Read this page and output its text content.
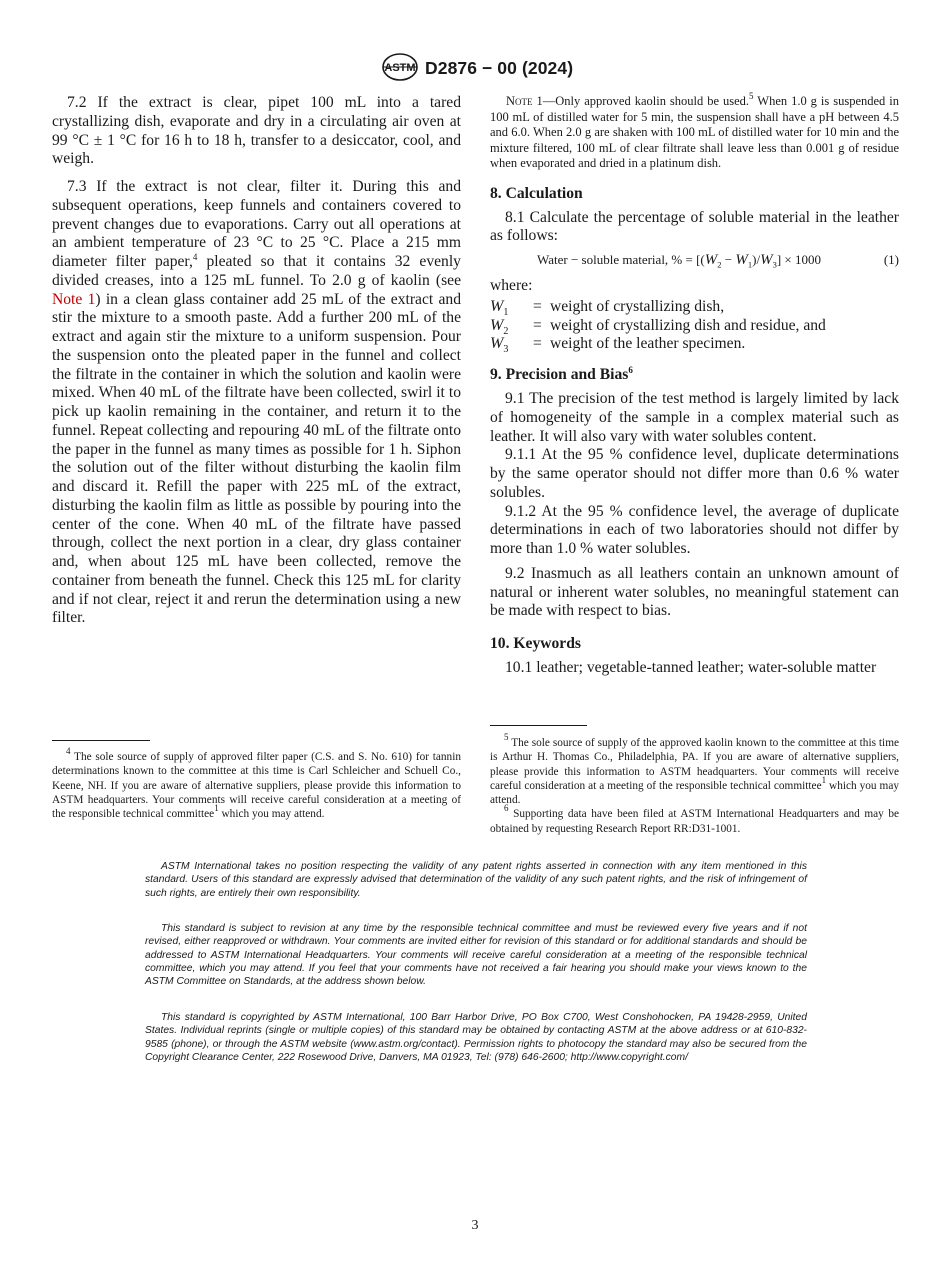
ASTM D2876 − 00 (2024)

7.2 If the extract is clear, pipet 100 mL into a tared crystallizing dish, evaporate and dry in a circulating air oven at 99 °C ± 1 °C for 16 h to 18 h, transfer to a desiccator, cool, and weigh.

7.3 If the extract is not clear, filter it. During this and subsequent operations, keep funnels and containers covered to prevent changes due to evaporations. Carry out all operations at an ambient temperature of 23 °C to 25 °C. Place a 215 mm diameter filter paper,$^4$ pleated so that it contains 32 evenly divided creases, into a 125 mL funnel. To 2.0 g of kaolin (see Note 1) in a clean glass container add 25 mL of the extract and stir the mixture to a smooth paste. Add a further 200 mL of the extract and again stir the mixture to a uniform suspension. Pour the suspension onto the pleated paper in the funnel and collect the filtrate in the container in which the solution and kaolin were mixed. When 40 mL of the filtrate have been collected, swirl it to pick up kaolin remaining in the container, and return it to the funnel. Repeat collecting and repouring 40 mL of the filtrate onto the paper in the funnel as many times as possible for 1 h. Siphon the solution out of the filter without disturbing the kaolin film and discard it. Refill the paper with 225 mL of the extract, disturbing the kaolin film as little as possible by pouring into the center of the cone. When 40 mL of the filtrate have passed through, collect the next portion in a clear, dry glass container and, when about 125 mL have been collected, remove the container from beneath the funnel. Check this 125 mL for clarity and if not clear, reject it and rerun the determination using a new filter.

Note 1—Only approved kaolin should be used.$^5$ When 1.0 g is suspended in 100 mL of distilled water for 5 min, the suspension shall have a pH between 4.5 and 6.0. When 2.0 g are shaken with 100 mL of distilled water for 10 min and the mixture filtered, 100 mL of clear filtrate shall leave less than 0.001 g of residue when evaporated and dried in a platinum dish.

8. Calculation

8.1 Calculate the percentage of soluble material in the leather as follows:

Water − soluble material, % = $[(W_2 - W_1)/W_3] \times 1000$	(1)

where:

$W_1$ = weight of crystallizing dish,
$W_2$ = weight of crystallizing dish and residue, and
$W_3$ = weight of the leather specimen.
9. Precision and Bias$^6$

9.1 The precision of the test method is largely limited by lack of homogeneity of the sample in a complex material such as leather. It will also vary with water solubles content.

9.1.1 At the 95 % confidence level, duplicate determinations by the same operator should not differ more than 0.6 % water solubles.

9.1.2 At the 95 % confidence level, the average of duplicate determinations in each of two laboratories should not differ by more than 1.0 % water solubles.

9.2 Inasmuch as all leathers contain an unknown amount of natural or inherent water solubles, no meaningful statement can be made with respect to bias.

10. Keywords

10.1 leather; vegetable-tanned leather; water-soluble matter

$^4$ The sole source of supply of approved filter paper (C.S. and S. No. 610) for tannin determinations known to the committee at this time is Carl Schleicher and Schuell Co., Keene, NH. If you are aware of alternative suppliers, please provide this information to ASTM headquarters. Your comments will receive careful consideration at a meeting of the responsible technical committee$^1$ which you may attend.

$^5$ The sole source of supply of the approved kaolin known to the committee at this time is Arthur H. Thomas Co., Philadelphia, PA. If you are aware of alternative suppliers, please provide this information to ASTM headquarters. Your comments will receive careful consideration at a meeting of the responsible technical committee$^1$ which you may attend.

$^6$ Supporting data have been filed at ASTM International Headquarters and may be obtained by requesting Research Report RR:D31-1001.

ASTM International takes no position respecting the validity of any patent rights asserted in connection with any item mentioned in this standard. Users of this standard are expressly advised that determination of the validity of any such patent rights, and the risk of infringement of such rights, are entirely their own responsibility.
This standard is subject to revision at any time by the responsible technical committee and must be reviewed every five years and if not revised, either reapproved or withdrawn. Your comments are invited either for revision of this standard or for additional standards and should be addressed to ASTM International Headquarters. Your comments will receive careful consideration at a meeting of the responsible technical committee, which you may attend. If you feel that your comments have not received a fair hearing you should make your views known to the ASTM Committee on Standards, at the address shown below.
This standard is copyrighted by ASTM International, 100 Barr Harbor Drive, PO Box C700, West Conshohocken, PA 19428-2959, United States. Individual reprints (single or multiple copies) of this standard may be obtained by contacting ASTM at the above address or at 610-832-9585 (phone), or through the ASTM website (www.astm.org/contact). Permission rights to photocopy the standard may also be secured from the Copyright Clearance Center, 222 Rosewood Drive, Danvers, MA 01923, Tel: (978) 646-2600; http://www.copyright.com/
3
